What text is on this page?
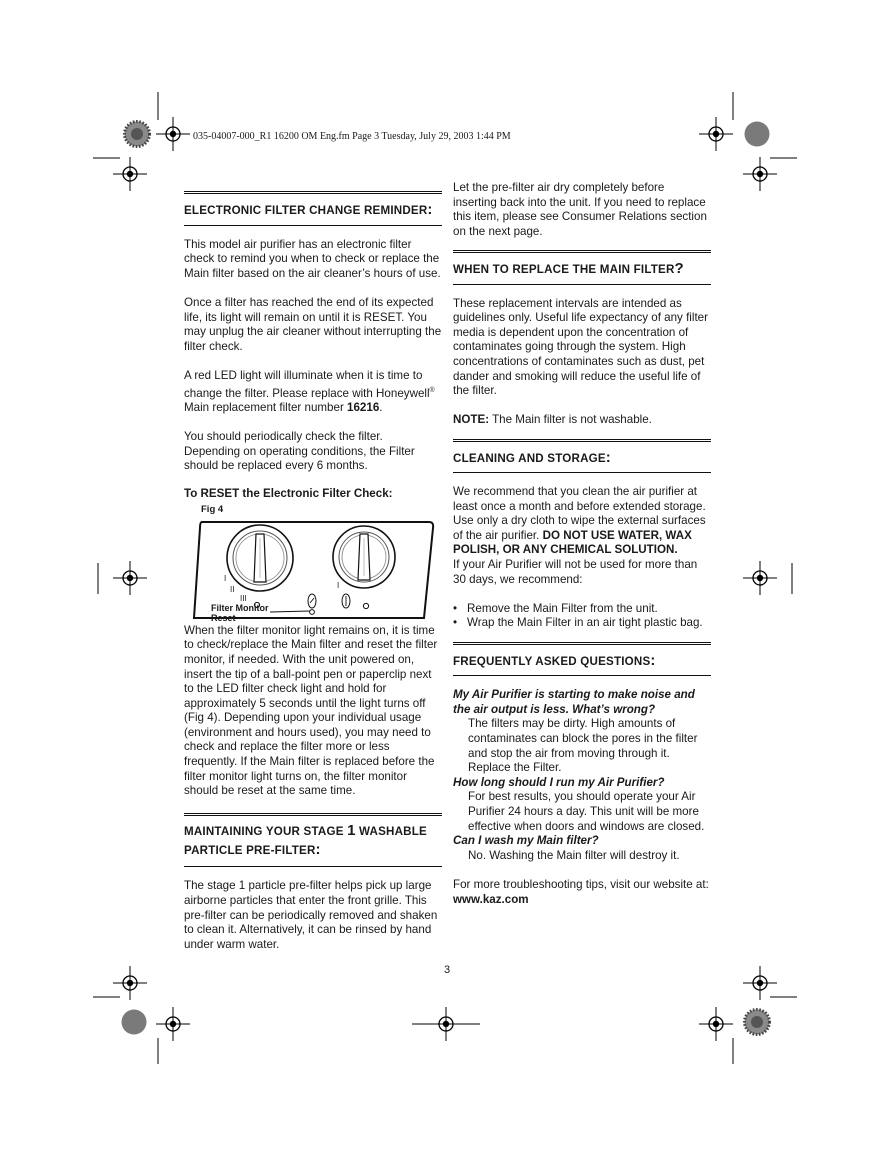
035-04007-000_R1 16200 OM Eng.fm Page 3 Tuesday, July 29, 2003 1:44 PM
ELECTRONIC FILTER CHANGE REMINDER:

This model air purifier has an electronic filter check to remind you when to check or replace the Main filter based on the air cleaner’s hours of use.

Once a filter has reached the end of its expected life, its light will remain on until it is RESET. You may unplug the air cleaner without interrupting the filter check.

A red LED light will illuminate when it is time to change the filter. Please replace with Honeywell® Main replacement filter number 16216.

You should periodically check the filter. Depending on operating conditions, the Filter should be replaced every 6 months.

To RESET the Electronic Filter Check:
Fig 4
I
II
III
I
Filter Monitor
Reset

When the filter monitor light remains on, it is time to check/replace the Main filter and reset the filter monitor, if needed. With the unit powered on, insert the tip of a ball-point pen or paperclip next to the LED filter check light and hold for approximately 5 seconds until the light turns off (Fig 4). Depending upon your individual usage (environment and hours used), you may need to check and replace the filter more or less frequently. If the Main filter is replaced before the filter monitor light turns on, the filter monitor should be reset at the same time.

MAINTAINING YOUR STAGE 1 WASHABLE PARTICLE PRE-FILTER:

The stage 1 particle pre-filter helps pick up large airborne particles that enter the front grille. This pre-filter can be periodically removed and shaken to clean it. Alternatively, it can be rinsed by hand under warm water.

Let the pre-filter air dry completely before inserting back into the unit. If you need to replace this item, please see Consumer Relations section on the next page.

WHEN TO REPLACE THE MAIN FILTER?

These replacement intervals are intended as guidelines only. Useful life expectancy of any filter media is dependent upon the concentration of contaminates going through the system. High concentrations of contaminates such as dust, pet dander and smoking will reduce the useful life of the filter.

NOTE: The Main filter is not washable.

CLEANING AND STORAGE:

We recommend that you clean the air purifier at least once a month and before extended storage. Use only a dry cloth to wipe the external surfaces of the air purifier. DO NOT USE WATER, WAX POLISH, OR ANY CHEMICAL SOLUTION.

If your Air Purifier will not be used for more than 30 days, we recommend:

• Remove the Main Filter from the unit.
• Wrap the Main Filter in an air tight plastic bag.
FREQUENTLY ASKED QUESTIONS:
My Air Purifier is starting to make noise and the air output is less. What’s wrong?
The filters may be dirty. High amounts of contaminates can block the pores in the filter and stop the air from moving through it. Replace the Filter.
How long should I run my Air Purifier?
For best results, you should operate your Air Purifier 24 hours a day. This unit will be more effective when doors and windows are closed.
Can I wash my Main filter?
No. Washing the Main filter will destroy it.

For more troubleshooting tips, visit our website at:

www.kaz.com
3
